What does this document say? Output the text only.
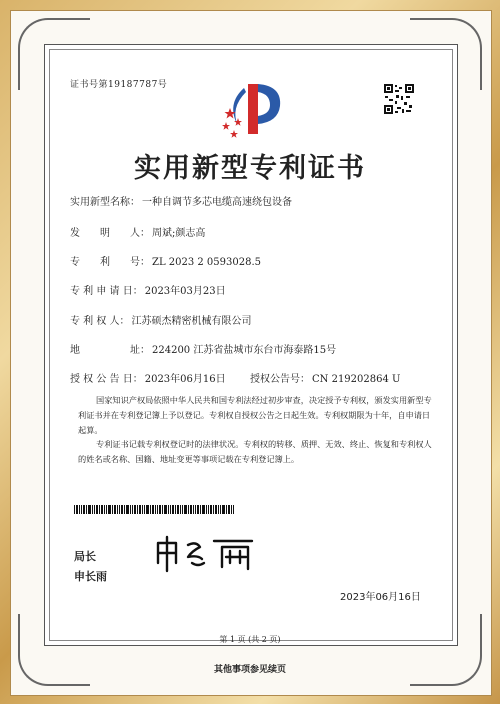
证书号第19187787号
实用新型专利证书
实用新型名称： 一种自调节多芯电缆高速绕包设备
发　　明　　人： 周斌;颜志高
专　　利　　号： ZL 2023 2 0593028.5
专 利 申 请 日： 2023年03月23日
专 利 权 人： 江苏硕杰精密机械有限公司
地　　　　　址： 224200 江苏省盐城市东台市海泰路15号
授 权 公 告 日： 2023年06月16日 授权公告号： CN 219202864 U
国家知识产权局依照中华人民共和国专利法经过初步审查，决定授予专利权，颁发实用新型专利证书并在专利登记簿上予以登记。专利权自授权公告之日起生效。专利权期限为十年，自申请日起算。
专利证书记载专利权登记时的法律状况。专利权的转移、质押、无效、终止、恢复和专利权人的姓名或名称、国籍、地址变更等事项记载在专利登记簿上。
局长
申长雨
2023年06月16日
第 1 页 (共 2 页)
其他事项参见续页
